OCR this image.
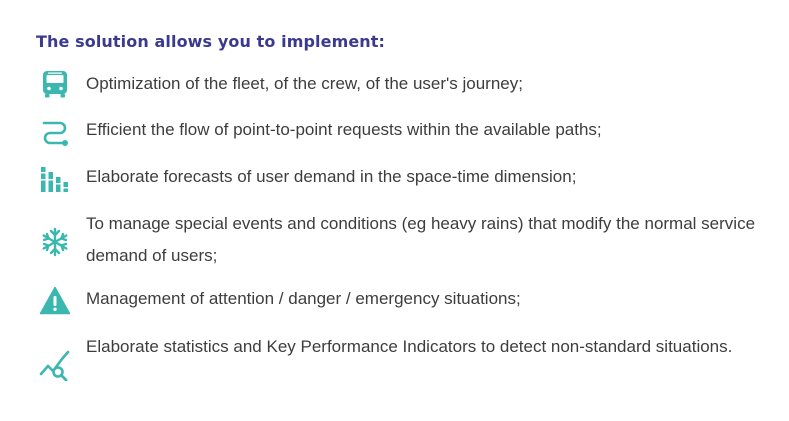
The solution allows you to implement:
Optimization of the fleet, of the crew, of the user's journey;
Efficient the flow of point-to-point requests within the available paths;
Elaborate forecasts of user demand in the space-time dimension;
To manage special events and conditions (eg heavy rains) that modify the normal service demand of users;
Management of attention / danger / emergency situations;
Elaborate statistics and Key Performance Indicators to detect non-standard situations.
